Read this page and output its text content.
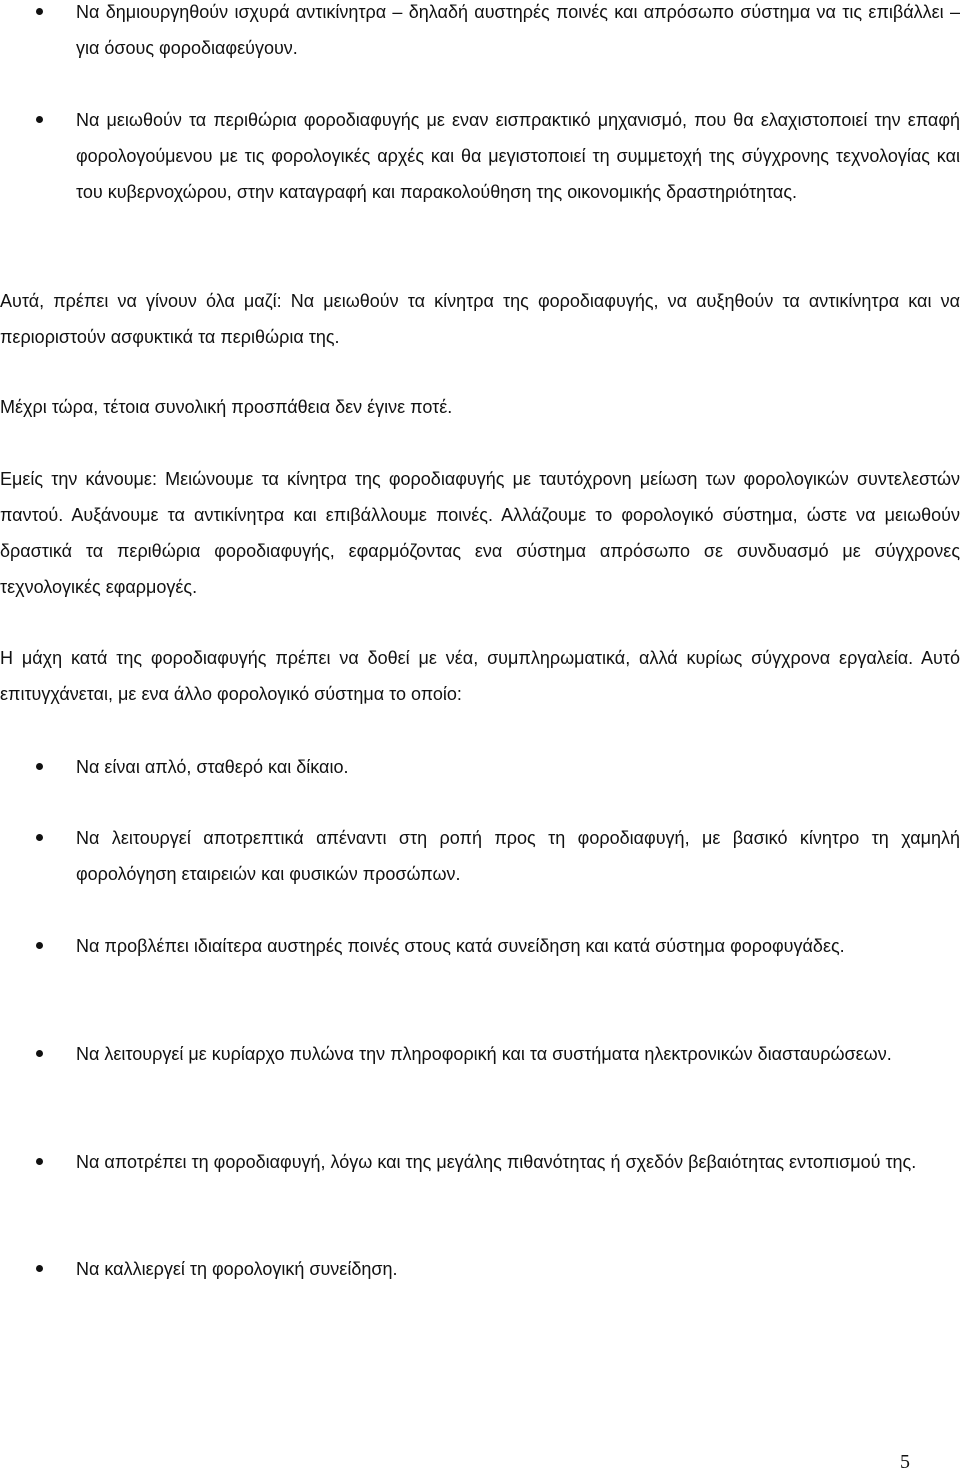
Να δημιουργηθούν ισχυρά αντικίνητρα – δηλαδή αυστηρές ποινές και απρόσωπο σύστημα να τις επιβάλλει – για όσους φοροδιαφεύγουν.
Να μειωθούν τα περιθώρια φοροδιαφυγής με εναν εισπρακτικό μηχανισμό, που θα ελαχιστοποιεί την επαφή φορολογούμενου με τις φορολογικές αρχές και θα μεγιστοποιεί τη συμμετοχή της σύγχρονης τεχνολογίας και του κυβερνοχώρου, στην καταγραφή και παρακολούθηση της οικονομικής δραστηριότητας.
Αυτά, πρέπει να γίνουν όλα μαζί: Να μειωθούν τα κίνητρα της φοροδιαφυγής, να αυξηθούν τα αντικίνητρα και να περιοριστούν ασφυκτικά τα περιθώρια της.
Μέχρι τώρα, τέτοια συνολική προσπάθεια δεν έγινε ποτέ.
Εμείς την κάνουμε: Μειώνουμε τα κίνητρα της φοροδιαφυγής με ταυτόχρονη μείωση των φορολογικών συντελεστών παντού. Αυξάνουμε τα αντικίνητρα και επιβάλλουμε ποινές. Αλλάζουμε το φορολογικό σύστημα, ώστε να μειωθούν δραστικά τα περιθώρια φοροδιαφυγής, εφαρμόζοντας ενα σύστημα απρόσωπο σε συνδυασμό με σύγχρονες τεχνολογικές εφαρμογές.
Η μάχη κατά της φοροδιαφυγής πρέπει να δοθεί με νέα, συμπληρωματικά, αλλά κυρίως σύγχρονα εργαλεία. Αυτό επιτυγχάνεται, με ενα άλλο φορολογικό σύστημα το οποίο:
Να είναι απλό, σταθερό και δίκαιο.
Να λειτουργεί αποτρεπτικά απέναντι στη ροπή προς τη φοροδιαφυγή, με βασικό κίνητρο τη χαμηλή φορολόγηση εταιρειών και φυσικών προσώπων.
Να προβλέπει ιδιαίτερα αυστηρές ποινές στους κατά συνείδηση και κατά σύστημα φοροφυγάδες.
Να λειτουργεί με κυρίαρχο πυλώνα την πληροφορική και τα συστήματα ηλεκτρονικών διασταυρώσεων.
Να αποτρέπει τη φοροδιαφυγή, λόγω και της μεγάλης πιθανότητας ή σχεδόν βεβαιότητας εντοπισμού της.
Να καλλιεργεί τη φορολογική συνείδηση.
5
